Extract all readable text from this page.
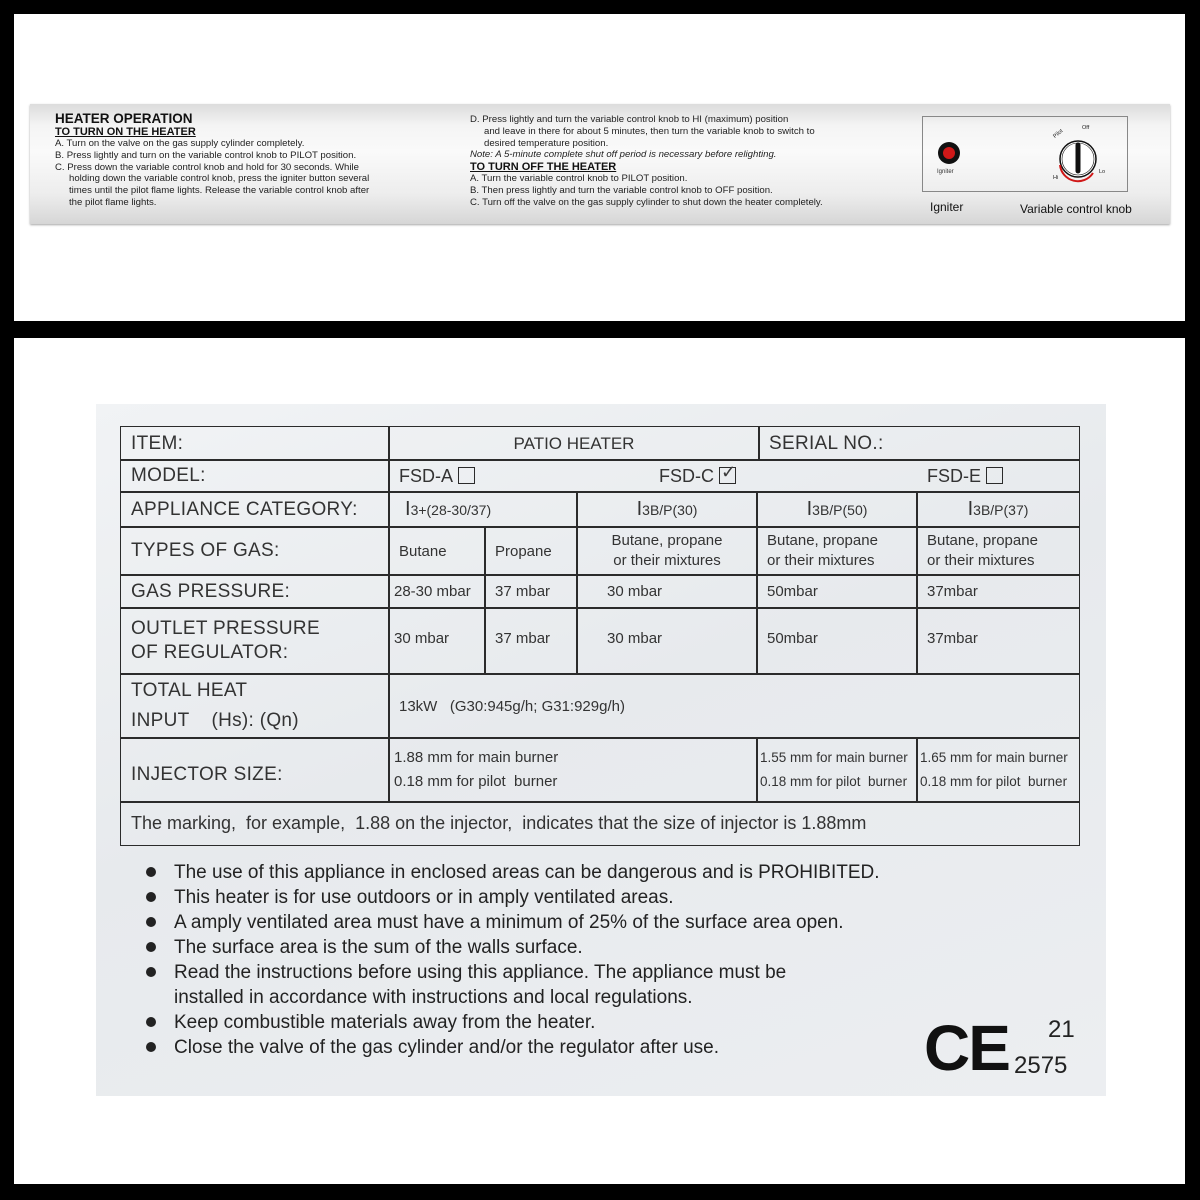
HEATER OPERATION
TO TURN ON THE HEATER
A. Turn on the valve on the gas supply cylinder completely.
B. Press lightly and turn on the variable control knob to PILOT position.
C. Press down the variable control knob and hold for 30 seconds. While
holding down the variable control knob, press the igniter button several
times until the pilot flame lights. Release the variable control knob after
the pilot flame lights.
D. Press lightly and turn the variable control knob to HI (maximum) position
and leave in there for about 5 minutes, then turn the variable knob to switch to
desired temperature position.
Note: A 5-minute complete shut off period is necessary before relighting.
TO TURN OFF THE HEATER
A. Turn the variable control knob to PILOT position.
B. Then press lightly and turn the variable control knob to OFF position.
C. Turn off the valve on the gas supply cylinder to shut down the heater completely.
Igniter
Off
Pilot
Hi
Lo
Igniter	Variable control knob
ITEM:	PATIO HEATER	SERIAL NO.:
MODEL:	FSD-A	FSD-C✓	FSD-E
APPLIANCE CATEGORY:	I 3+(28-30/37)	I 3B/P(30)	I 3B/P(50)	I 3B/P(37)
TYPES OF GAS:	Butane	Propane
Butane, propane
or their mixtures
Butane, propane
or their mixtures
Butane, propane
or their mixtures
GAS PRESSURE:	28-30 mbar	37 mbar	30 mbar	50mbar	37mbar
OUTLET PRESSURE
OF REGULATOR:
30 mbar	37 mbar	30 mbar	50mbar	37mbar
TOTAL HEAT
INPUT    (Hs): (Qn)
13kW   (G30:945g/h; G31:929g/h)
INJECTOR SIZE:
1.88 mm for main burner
0.18 mm for pilot  burner
1.55 mm for main burner
0.18 mm for pilot  burner
1.65 mm for main burner
0.18 mm for pilot  burner
The marking,  for example,  1.88 on the injector,  indicates that the size of injector is 1.88mm
The use of this appliance in enclosed areas can be dangerous and is PROHIBITED.
This heater is for use outdoors or in amply ventilated areas.
A amply ventilated area must have a minimum of 25% of the surface area open.
The surface area is the sum of the walls surface.
Read the instructions before using this appliance. The appliance must be
installed in accordance with instructions and local regulations.
Keep combustible materials away from the heater.
Close the valve of the gas cylinder and/or the regulator after use.	CE 21
2575
